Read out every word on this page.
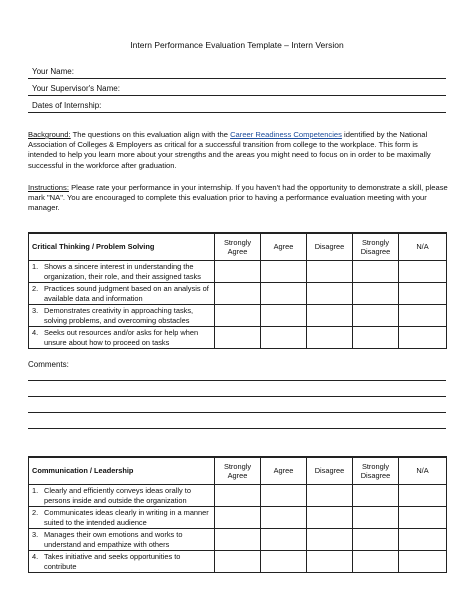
Intern Performance Evaluation Template – Intern Version
Your Name:
Your Supervisor's Name:
Dates of Internship:
Background: The questions on this evaluation align with the Career Readiness Competencies identified by the National Association of Colleges & Employers as critical for a successful transition from college to the workplace. This form is intended to help you learn more about your strengths and the areas you might need to focus on in order to be maximally successful in the workforce after graduation.
Instructions: Please rate your performance in your internship. If you haven't had the opportunity to demonstrate a skill, please mark "NA". You are encouraged to complete this evaluation prior to having a performance evaluation meeting with your manager.
Critical Thinking / Problem Solving	Strongly Agree	Agree	Disagree	Strongly Disagree	N/A

1. Shows a sincere interest in understanding the organization, their role, and their assigned tasks					

2. Practices sound judgment based on an analysis of available data and information					

3. Demonstrates creativity in approaching tasks, solving problems, and overcoming obstacles					

4. Seeks out resources and/or asks for help when unsure about how to proceed on tasks					

Comments:
Communication / Leadership	Strongly Agree	Agree	Disagree	Strongly Disagree	N/A

1. Clearly and efficiently conveys ideas orally to persons inside and outside the organization					

2. Communicates ideas clearly in writing in a manner suited to the intended audience					

3. Manages their own emotions and works to understand and empathize with others					

4. Takes initiative and seeks opportunities to contribute					
